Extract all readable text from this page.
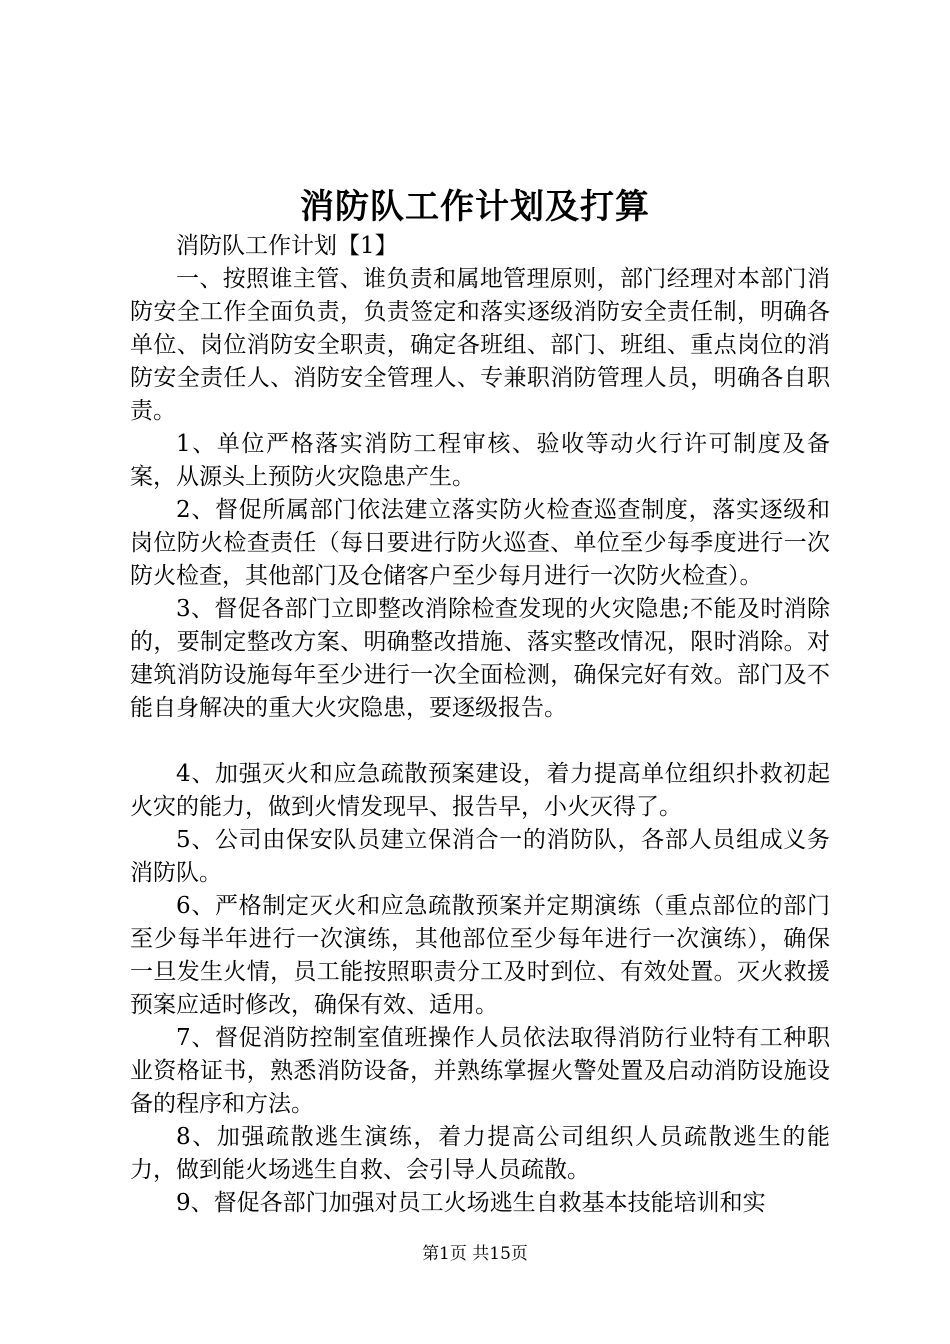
消防队工作计划及打算

消防队工作计划【1】

一、按照谁主管、谁负责和属地管理原则，部门经理对本部门消防安全工作全面负责，负责签定和落实逐级消防安全责任制，明确各单位、岗位消防安全职责，确定各班组、部门、班组、重点岗位的消防安全责任人、消防安全管理人、专兼职消防管理人员，明确各自职责。

1、单位严格落实消防工程审核、验收等动火行许可制度及备案，从源头上预防火灾隐患产生。

2、督促所属部门依法建立落实防火检查巡查制度，落实逐级和岗位防火检查责任（每日要进行防火巡查、单位至少每季度进行一次防火检查，其他部门及仓储客户至少每月进行一次防火检查）。

3、督促各部门立即整改消除检查发现的火灾隐患;不能及时消除的，要制定整改方案、明确整改措施、落实整改情况，限时消除。对建筑消防设施每年至少进行一次全面检测，确保完好有效。部门及不能自身解决的重大火灾隐患，要逐级报告。

4、加强灭火和应急疏散预案建设，着力提高单位组织扑救初起火灾的能力，做到火情发现早、报告早，小火灭得了。

5、公司由保安队员建立保消合一的消防队，各部人员组成义务消防队。

6、严格制定灭火和应急疏散预案并定期演练（重点部位的部门至少每半年进行一次演练，其他部位至少每年进行一次演练），确保一旦发生火情，员工能按照职责分工及时到位、有效处置。灭火救援预案应适时修改，确保有效、适用。

7、督促消防控制室值班操作人员依法取得消防行业特有工种职业资格证书，熟悉消防设备，并熟练掌握火警处置及启动消防设施设备的程序和方法。

8、加强疏散逃生演练，着力提高公司组织人员疏散逃生的能力，做到能火场逃生自救、会引导人员疏散。

9、督促各部门加强对员工火场逃生自救基本技能培训和实

第1页 共15页
